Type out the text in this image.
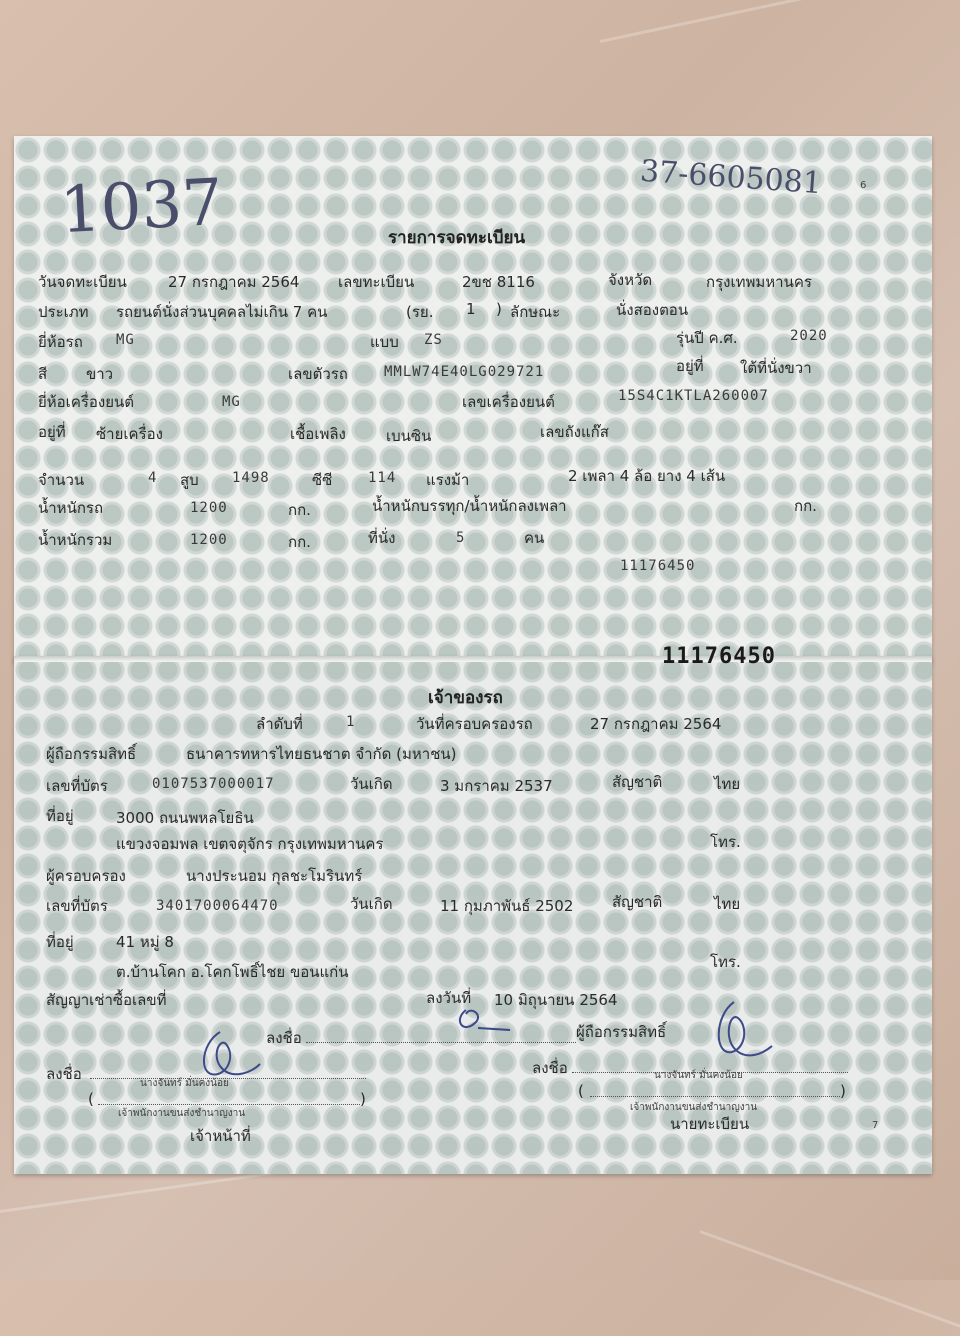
1037	37-6605081	6
รายการจดทะเบียน
วันจดทะเบียน	27 กรกฎาคม 2564	เลขทะเบียน	2ขช 8116	จังหวัด	กรุงเทพมหานคร
ประเภท รถยนต์นั่งส่วนบุคคลไม่เกิน 7 คน	(รย. 1 ) ลักษณะ	นั่งสองตอน
ยี่ห้อรถ MG	แบบ ZS	รุ่นปี ค.ศ.	2020
สี	ขาว	เลขตัวรถ	MMLW74E40LG029721	อยู่ที่ ใต้ที่นั่งขวา
ยี่ห้อเครื่องยนต์	MG	เลขเครื่องยนต์	15S4C1KTLA260007
อยู่ที่ ซ้ายเครื่อง	เชื้อเพลิง	เบนซิน	เลขถังแก๊ส
จำนวน	4 สูบ 1498	ซีซี	114 แรงม้า	2 เพลา 4 ล้อ ยาง 4 เส้น
น้ำหนักรถ	1200	กก.	น้ำหนักบรรทุก/น้ำหนักลงเพลา	กก.
น้ำหนักรวม	1200	กก.	ที่นั่ง	5	คน
11176450
11176450
เจ้าของรถ
ลำดับที่	1	วันที่ครอบครองรถ	27 กรกฎาคม 2564
ผู้ถือกรรมสิทธิ์	ธนาคารทหารไทยธนชาต จำกัด (มหาชน)
เลขที่บัตร	0107537000017	วันเกิด	3 มกราคม 2537	สัญชาติ	ไทย
ที่อยู่	3000 ถนนพหลโยธิน
แขวงจอมพล เขตจตุจักร กรุงเทพมหานคร	โทร.
ผู้ครอบครอง	นางประนอม กุลชะโมรินทร์
เลขที่บัตร	3401700064470	วันเกิด	11 กุมภาพันธ์ 2502	สัญชาติ	ไทย
ที่อยู่	41 หมู่ 8
ต.บ้านโคก อ.โคกโพธิ์ไชย ขอนแก่น
โทร.
สัญญาเช่าซื้อเลขที่	ลงวันที่ 10 มิถุนายน 2564
ลงชื่อ	ผู้ถือกรรมสิทธิ์
ลงชื่อ
นางจันทร์ มั่นคงน้อย
(	)
เจ้าพนักงานขนส่งชำนาญงาน
เจ้าหน้าที่
ลงชื่อ	นางจันทร์ มั่นคงน้อย
(	)
เจ้าพนักงานขนส่งชำนาญงาน
นายทะเบียน	7
